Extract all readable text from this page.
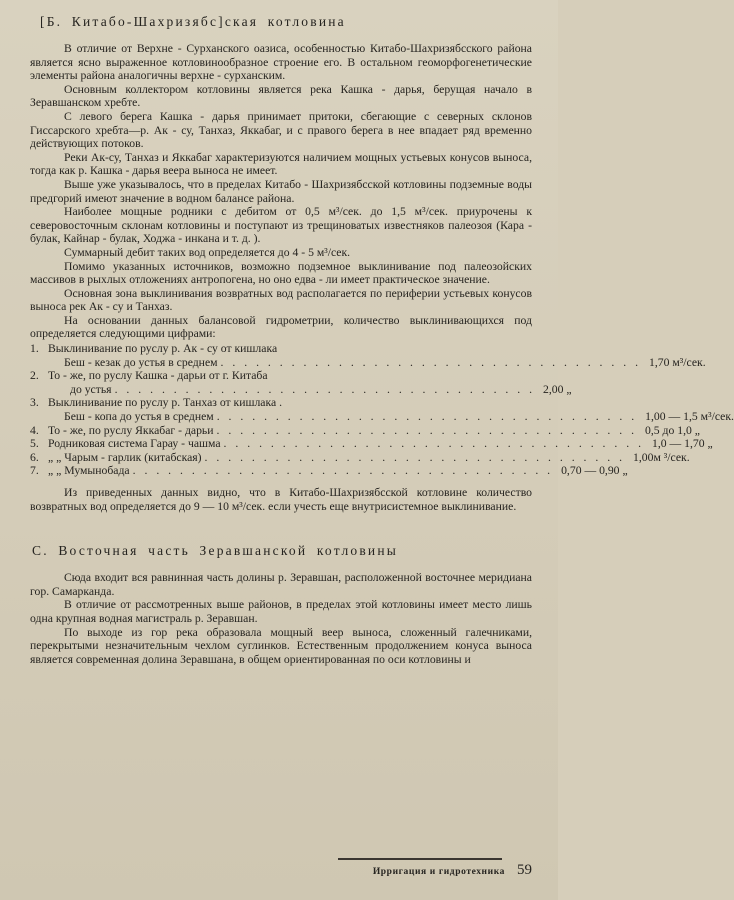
[Б. Китабо-Шахризябс]ская котловина

В отличие от Верхне - Сурханского оазиса, особенностью Китабо-Шахризябсского района является ясно выраженное котловинообразное строение его. В остальном геоморфогенетические элементы района аналогичны верхне - сурханским.

Основным коллектором котловины является река Кашка - дарья, берущая начало в Зеравшанском хребте.

С левого берега Кашка - дарья принимает притоки, сбегающие с северных склонов Гиссарского хребта—р. Ак - су, Танхаз, Яккабаг, и с правого берега в нее впадает ряд временно действующих потоков.

Реки Ак-су, Танхаз и Яккабаг характеризуются наличием мощных устьевых конусов выноса, тогда как р. Кашка - дарья веера выноса не имеет.

Выше уже указывалось, что в пределах Китабо - Шахризябсской котловины подземные воды предгорий имеют значение в водном балансе района.

Наиболее мощные родники с дебитом от 0,5 м³/сек. до 1,5 м³/сек. приурочены к северовосточным склонам котловины и поступают из трещиноватых известняков палеозоя (Кара - булак, Кайнар - булак, Ходжа - инкана и т. д. ).

Суммарный дебит таких вод определяется до 4 - 5 м³/сек.

Помимо указанных источников, возможно подземное выклинивание под палеозойских массивов в рыхлых отложениях антропогена, но оно едва - ли имеет практическое значение.

Основная зона выклинивания возвратных вод располагается по периферии устьевых конусов выноса рек Ак - су и Танхаз.

На основании данных балансовой гидрометрии, количество выклинивающихся под определяется следующими цифрами:

1. Выклинивание по руслу р. Ак - су от кишлака
Беш - кезак до устья в среднем . . . . . . . . . . . . . . . . . . . . . . . . . . . . . . . . . . . . 1,70 м³/сек.
2. То - же, по руслу Кашка - дарьи от г. Китаба
до устья . . . . . . . . . . . . . . . . . . . . . . . . . . . . . . . . . . . . 2,00 „
3. Выклинивание по руслу р. Танхаз от кишлака .
Беш - копа до устья в среднем . . . . . . . . . . . . . . . . . . . . . . . . . . . . . . . . . . . . 1,00 — 1,5 м³/сек.
4. То - же, по руслу Яккабаг - дарьи . . . . . . . . . . . . . . . . . . . . . . . . . . . . . . . . . . . . 0,5 до 1,0 „
5. Родниковая система Гарау - чашма . . . . . . . . . . . . . . . . . . . . . . . . . . . . . . . . . . . . 1,0 — 1,70 „
6. „ „ Чарым - гарлик (китабская) . . . . . . . . . . . . . . . . . . . . . . . . . . . . . . . . . . . . 1,00м ³/сек.
7. „ „ Мумынобада . . . . . . . . . . . . . . . . . . . . . . . . . . . . . . . . . . . . 0,70 — 0,90 „

Из приведенных данных видно, что в Китабо-Шахризябсской котловине количество возвратных вод определяется до 9 — 10 м³/сек. если учесть еще внутрисистемное выклинивание.

С. Восточная часть Зеравшанской котловины

Сюда входит вся равнинная часть долины р. Зеравшан, расположенной восточнее меридиана гор. Самарканда.

В отличие от рассмотренных выше районов, в пределах этой котловины имеет место лишь одна крупная водная магистраль р. Зеравшан.

По выходе из гор река образовала мощный веер выноса, сложенный галечниками, перекрытыми незначительным чехлом суглинков. Естественным продолжением конуса выноса является современная долина Зеравшана, в общем ориентированная по оси котловины и

Ирригация и гидротехника 59
